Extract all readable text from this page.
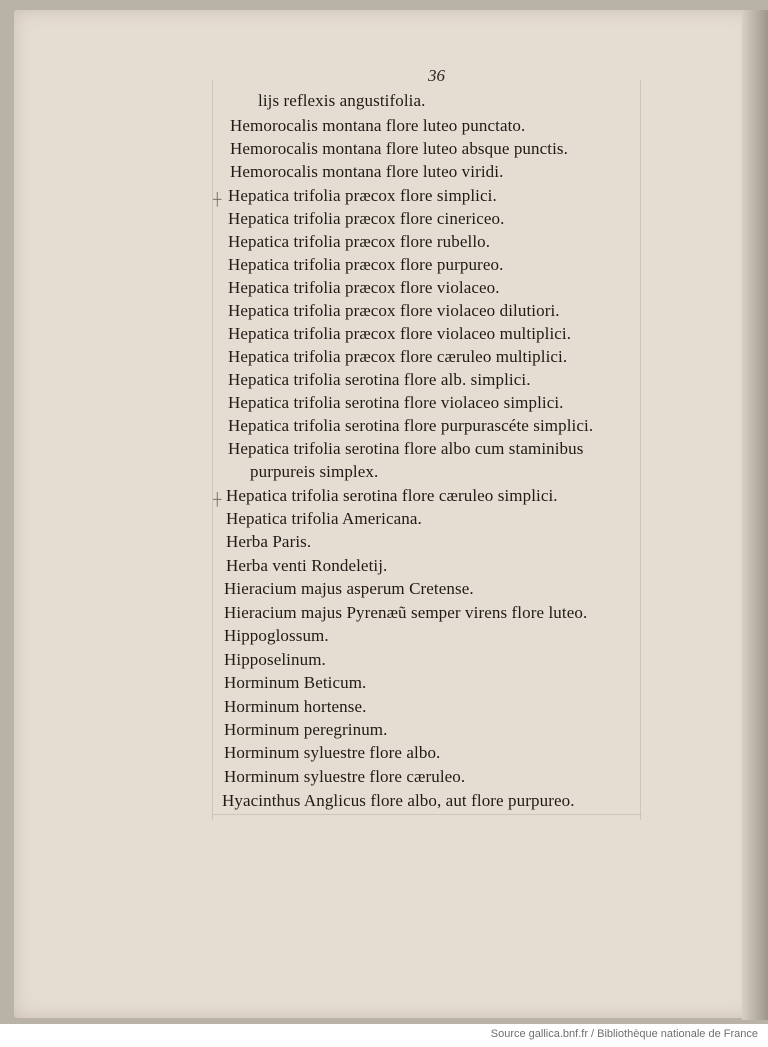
36
┼
┼
lijs reflexis angustifolia.
Hemorocalis montana flore luteo punctato.
Hemorocalis montana flore luteo absque punctis.
Hemorocalis montana flore luteo viridi.
Hepatica trifolia præcox flore simplici.
Hepatica trifolia præcox flore cinericeo.
Hepatica trifolia præcox flore rubello.
Hepatica trifolia præcox flore purpureo.
Hepatica trifolia præcox flore violaceo.
Hepatica trifolia præcox flore violaceo dilutiori.
Hepatica trifolia præcox flore violaceo multiplici.
Hepatica trifolia præcox flore cæruleo multiplici.
Hepatica trifolia serotina flore alb. simplici.
Hepatica trifolia serotina flore violaceo simplici.
Hepatica trifolia serotina flore purpurascéte simplici.
Hepatica trifolia serotina flore albo cum staminibus
purpureis simplex.
Hepatica trifolia serotina flore cæruleo simplici.
Hepatica trifolia Americana.
Herba Paris.
Herba venti Rondeletij.
Hieracium majus asperum Cretense.
Hieracium majus Pyrenæũ semper virens flore luteo.
Hippoglossum.
Hipposelinum.
Horminum Beticum.
Horminum hortense.
Horminum peregrinum.
Horminum syluestre flore albo.
Horminum syluestre flore cæruleo.
Hyacinthus Anglicus flore albo, aut flore purpureo.
Source gallica.bnf.fr / Bibliothèque nationale de France
